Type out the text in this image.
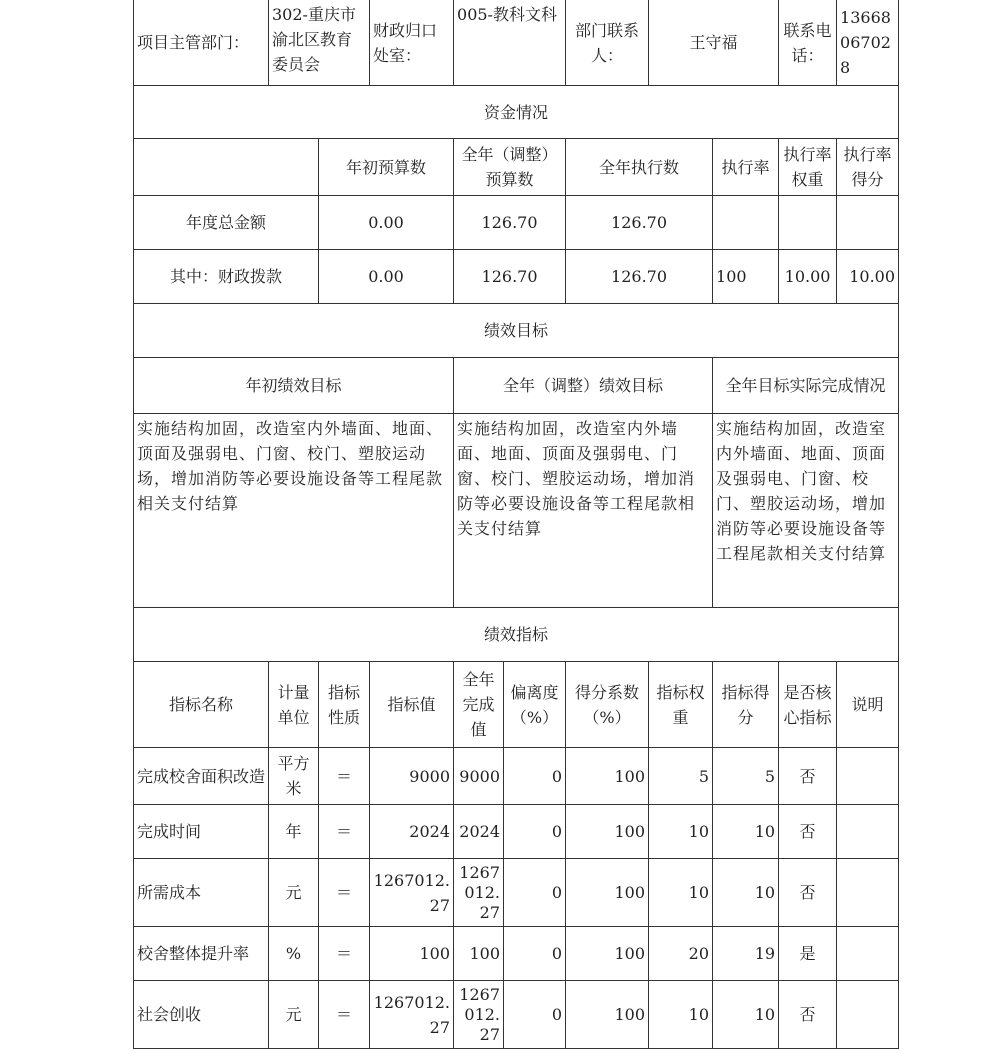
项目主管部门：	302-重庆市渝北区教育委员会		财政归口处室：	005-教科文科		部门联系人：	王守福		联系电话：	13668067028
资金情况										
		年初预算数		全年（调整）预算数		全年执行数		执行率	执行率权重	执行率得分
年度总金额		0.00		126.70		126.70				
其中：财政拨款		0.00		126.70		126.70		100	10.00	10.00
绩效目标										
年初绩效目标				全年（调整）绩效目标				全年目标实际完成情况		
实施结构加固，改造室内外墙面、地面、顶面及强弱电、门窗、校门、塑胶运动场，增加消防等必要设施设备等工程尾款相关支付结算				实施结构加固，改造室内外墙面、地面、顶面及强弱电、门窗、校门、塑胶运动场，增加消防等必要设施设备等工程尾款相关支付结算				实施结构加固，改造室内外墙面、地面、顶面及强弱电、门窗、校门、塑胶运动场，增加消防等必要设施设备等工程尾款相关支付结算		
绩效指标										
指标名称	计量单位	指标性质	指标值	全年完成值	偏离度（%）	得分系数（%）	指标权重	指标得分	是否核心指标	说明
完成校舍面积改造	平方米	＝	9000	9000	0	100	5	5	否	
完成时间	年	＝	2024	2024	0	100	10	10	否	
所需成本	元	＝	1267012.27	1267012.27	0	100	10	10	否	
校舍整体提升率	%	＝	100	100	0	100	20	19	是	
社会创收	元	＝	1267012.27	1267012.27	0	100	10	10	否	
